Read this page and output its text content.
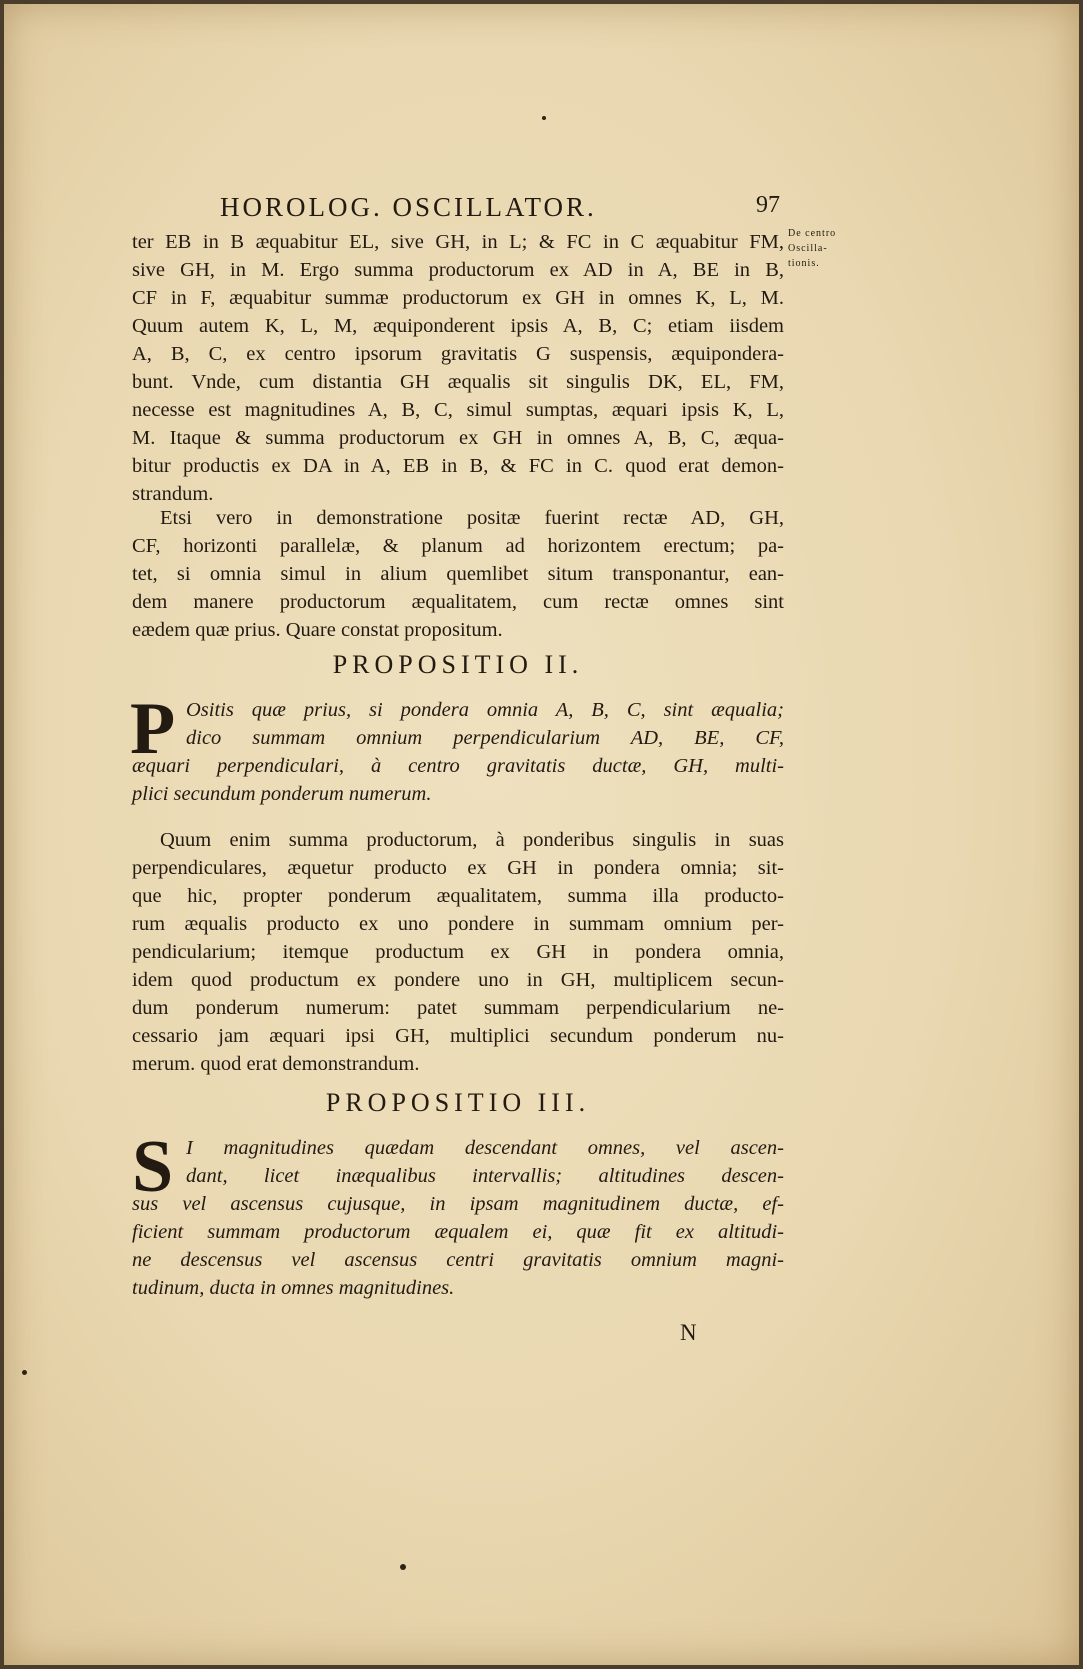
HOROLOG. OSCILLATOR.	97
De centro
Oscilla-
tionis.
ter EB in B æquabitur EL, sive GH, in L; & FC in C æquabitur FM,
sive GH, in M. Ergo summa productorum ex AD in A, BE in B,
CF in F, æquabitur summæ productorum ex GH in omnes K, L, M.
Quum autem K, L, M, æquiponderent ipsis A, B, C; etiam iisdem
A, B, C, ex centro ipsorum gravitatis G suspensis, æquipondera-
bunt. Vnde, cum distantia GH æqualis sit singulis DK, EL, FM,
necesse est magnitudines A, B, C, simul sumptas, æquari ipsis K, L,
M. Itaque & summa productorum ex GH in omnes A, B, C, æqua-
bitur productis ex DA in A, EB in B, & FC in C. quod erat demon-
strandum.
Etsi vero in demonstratione positæ fuerint rectæ AD, GH,
CF, horizonti parallelæ, & planum ad horizontem erectum; pa-
tet, si omnia simul in alium quemlibet situm transponantur, ean-
dem manere productorum æqualitatem, cum rectæ omnes sint
eædem quæ prius. Quare constat propositum.
PROPOSITIO II.
P Ositis quæ prius, si pondera omnia A, B, C, sint æqualia;
dico summam omnium perpendicularium AD, BE, CF,
æquari perpendiculari, à centro gravitatis ductæ, GH, multi-
plici secundum ponderum numerum.
Quum enim summa productorum, à ponderibus singulis in suas
perpendiculares, æquetur producto ex GH in pondera omnia; sit-
que hic, propter ponderum æqualitatem, summa illa producto-
rum æqualis producto ex uno pondere in summam omnium per-
pendicularium; itemque productum ex GH in pondera omnia,
idem quod productum ex pondere uno in GH, multiplicem secun-
dum ponderum numerum: patet summam perpendicularium ne-
cessario jam æquari ipsi GH, multiplici secundum ponderum nu-
merum. quod erat demonstrandum.
PROPOSITIO III.
S I magnitudines quædam descendant omnes, vel ascen-
dant, licet inæqualibus intervallis; altitudines descen-
sus vel ascensus cujusque, in ipsam magnitudinem ductæ, ef-
ficient summam productorum æqualem ei, quæ fit ex altitudi-
ne descensus vel ascensus centri gravitatis omnium magni-
tudinum, ducta in omnes magnitudines.
N
